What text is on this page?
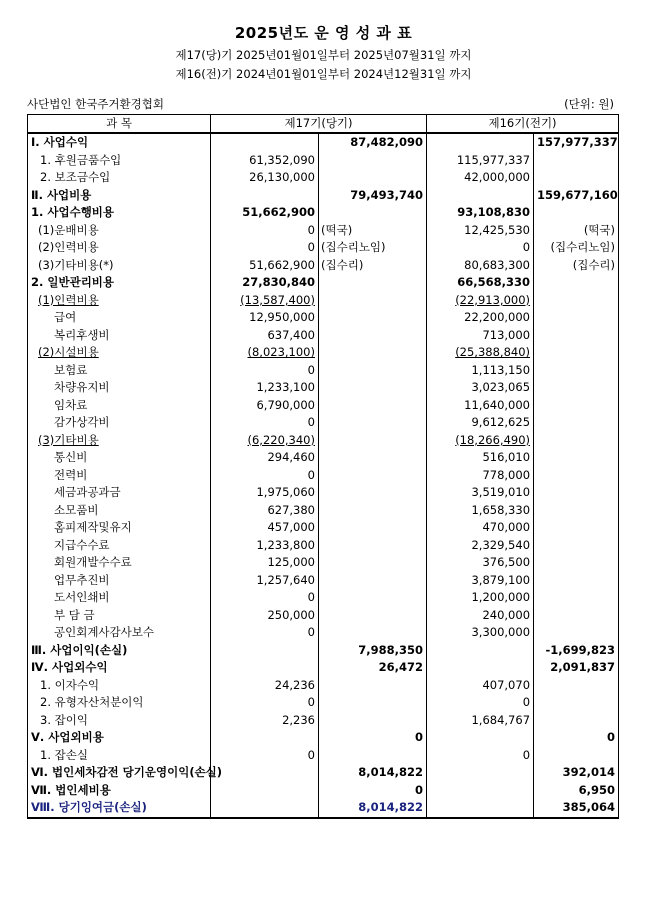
2025년도 운 영 성 과 표
제17(당)기 2025년01월01일부터 2025년07월31일 까지
제16(전)기 2024년01월01일부터 2024년12월31일 까지
사단법인 한국주거환경협회	(단위: 원)
과 목	제17기(당기)		제16기(전기)	
Ⅰ. 사업수익		87,482,090		157,977,337
1. 후원금품수입	61,352,090		115,977,337	
2. 보조금수입	26,130,000		42,000,000	
Ⅱ. 사업비용		79,493,740		159,677,160
1. 사업수행비용	51,662,900		93,108,830	
(1)운배비용	0	(떡국)	12,425,530	(떡국)
(2)인력비용	0	(집수리노임)	0	(집수리노임)
(3)기타비용(*)	51,662,900	(집수리)	80,683,300	(집수리)
2. 일반관리비용	27,830,840		66,568,330	
(1)인력비용	(13,587,400)		(22,913,000)	
급여	12,950,000		22,200,000	
복리후생비	637,400		713,000	
(2)시설비용	(8,023,100)		(25,388,840)	
보험료	0		1,113,150	
차량유지비	1,233,100		3,023,065	
임차료	6,790,000		11,640,000	
감가상각비	0		9,612,625	
(3)기타비용	(6,220,340)		(18,266,490)	
통신비	294,460		516,010	
전력비	0		778,000	
세금과공과금	1,975,060		3,519,010	
소모품비	627,380		1,658,330	
홈피제작및유지	457,000		470,000	
지급수수료	1,233,800		2,329,540	
회원개발수수료	125,000		376,500	
업무추진비	1,257,640		3,879,100	
도서인쇄비	0		1,200,000	
부 담 금	250,000		240,000	
공인회계사감사보수	0		3,300,000	
Ⅲ. 사업이익(손실)		7,988,350		-1,699,823
Ⅳ. 사업외수익		26,472		2,091,837
1. 이자수익	24,236		407,070	
2. 유형자산처분이익	0		0	
3. 잡이익	2,236		1,684,767	
Ⅴ. 사업외비용		0		0
1. 잡손실	0		0	
Ⅵ. 법인세차감전 당기운영이익(손실)		8,014,822		392,014
Ⅶ. 법인세비용		0		6,950
Ⅷ. 당기잉여금(손실)		8,014,822		385,064
